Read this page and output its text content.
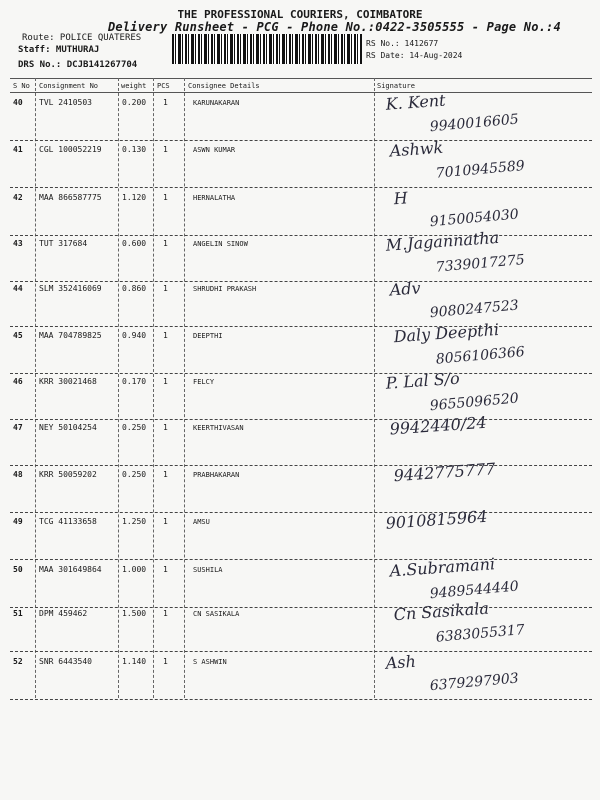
THE PROFESSIONAL COURIERS, COIMBATORE
Delivery Runsheet - PCG - Phone No.:0422-3505555 - Page No.:4
Route: POLICE QUATERES
Staff: MUTHURAJ
DRS No.: DCJB141267704
RS No.: 1412677
RS Date: 14-Aug-2024
S No Consignment No	weight PCS	Consignee Details	Signature
40 TVL 2410503	0.200 1	KARUNAKARAN	K. Kent
9940016605
41 CGL 100052219	0.130 1	ASWN KUMAR	Ashwk
7010945589
42 MAA 866587775	1.120 1	HERNALATHA	H
9150054030
43 TUT 317684	0.600 1	ANGELIN SINOW	M.Jagannatha
7339017275
44 SLM 352416069	0.860 1	SHRUDHI PRAKASH	Adv
9080247523
45 MAA 704789825	0.940 1	DEEPTHI	Daly Deepthi
8056106366
46 KRR 30021468	0.170 1	FELCY	P. Lal S/o
9655096520
47 NEY 50104254	0.250 1	KEERTHIVASAN	9942440/24
48 KRR 50059202	0.250 1	PRABHAKARAN	9442775777
49 TCG 41133658	1.250 1	AMSU	9010815964
50 MAA 301649864	1.000 1	SUSHILA	A.Subramani
9489544440
51 DPM 459462	1.500 1	CN SASIKALA	Cn Sasikala
6383055317
52 SNR 6443540	1.140 1	S ASHWIN	Ash
6379297903
